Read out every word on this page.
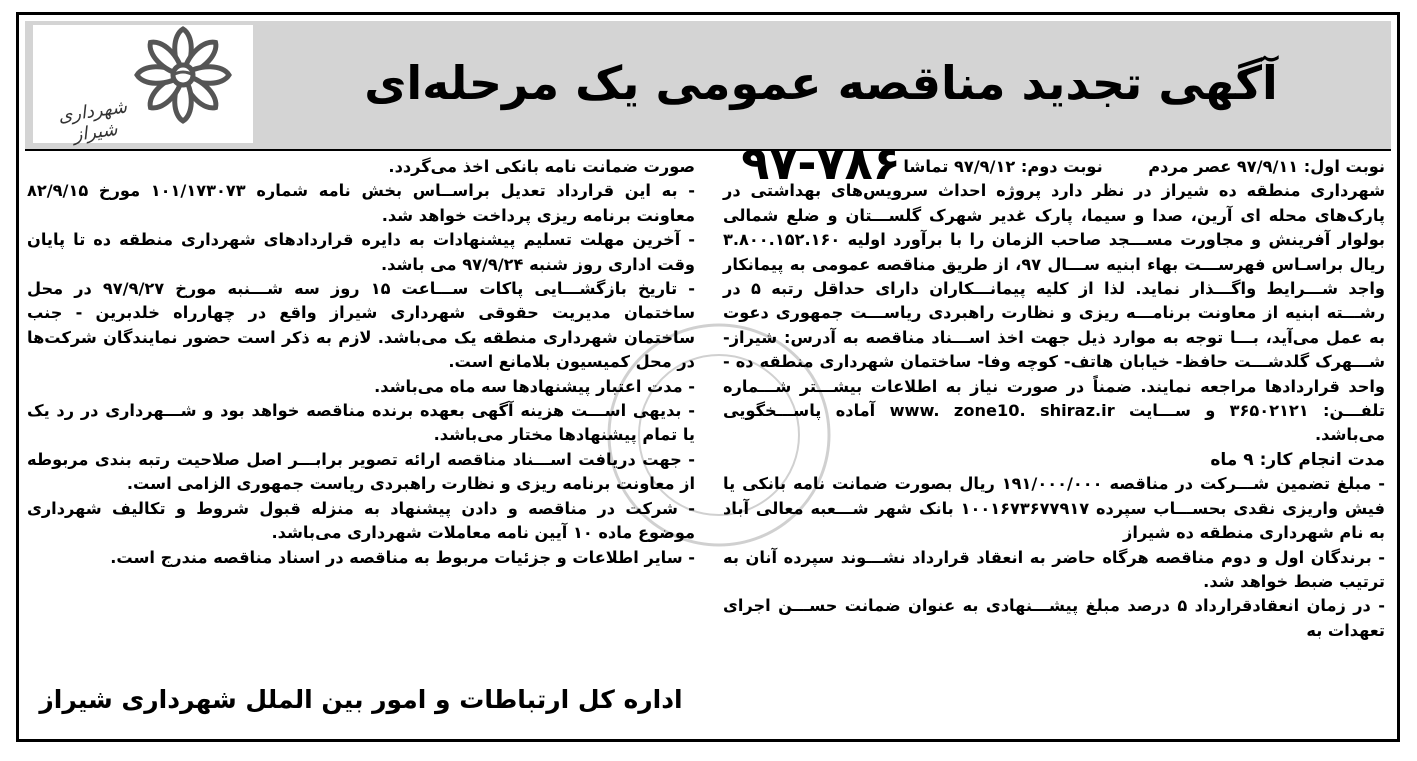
شهرداری شیراز
آگهی تجدید مناقصه عمومی یک مرحله‌ای ۷۸۶-۹۷	نوبت اول: ۹۷/۹/۱۱ عصر مردم نوبت دوم: ۹۷/۹/۱۲ تماشا

شهرداری منطقه ده شیراز در نظر دارد پروژه احداث سرویس‌های بهداشتی در پارک‌های محله ای آرین، صدا و سیما، پارک غدیر شهرک گلســـتان و ضلع شمالی بولوار آفرینش و مجاورت مســـجد صاحب الزمان را با برآورد اولیه ۳.۸۰۰.۱۵۲.۱۶۰ ریال براسـاس فهرســـت بهاء ابنیه ســـال ۹۷، از طریق مناقصه عمومی به پیمانکار واجد شـــرایط واگـــذار نماید. لذا از کلیه پیمانـــکاران دارای حداقل رتبه ۵ در رشـــته ابنیه از معاونت برنامـــه ریزی و نظارت راهبردی ریاســـت جمهوری دعوت به عمل می‌آید، بـــا توجه به موارد ذیل جهت اخذ اســـناد مناقصه به آدرس: شیراز- شـــهرک گلدشـــت حافظ- خیابان هاتف- کوچه وفا- ساختمان شهرداری منطقه ده - واحد قراردادها مراجعه نمایند. ضمناً در صورت نیاز به اطلاعات بیشـــتر شـــماره تلفـــن: ۳۶۵۰۲۱۲۱ و ســـایت www. zone10. shiraz.ir آماده پاســـخگویی می‌باشد.

مدت انجام کار: ۹ ماه

- مبلغ تضمین شـــرکت در مناقصه ۱۹۱/۰۰۰/۰۰۰ ریال بصورت ضمانت نامه بانکی یا فیش واریزی نقدی بحســـاب سپرده ۱۰۰۱۶۷۳۶۷۷۹۱۷ بانک شهر شـــعبه معالی آباد به نام شهرداری منطقه ده شیراز

- برندگان اول و دوم مناقصه هرگاه حاضر به انعقاد قرارداد نشـــوند سپرده آنان به ترتیب ضبط خواهد شد.

- در زمان انعقادقرارداد ۵ درصد مبلغ پیشـــنهادی به عنوان ضمانت حســـن اجرای تعهدات به

صورت ضمانت نامه بانکی اخذ می‌گردد.

- به این قرارداد تعدیل براســاس بخش نامه شماره ۱۰۱/۱۷۳۰۷۳ مورخ ۸۲/۹/۱۵ معاونت برنامه ریزی پرداخت خواهد شد.

- آخرین مهلت تسلیم پیشنهادات به دایره قراردادهای شهرداری منطقه ده تا پایان وقت اداری روز شنبه ۹۷/۹/۲۴ می باشد.

- تاریخ بازگشـــایی پاکات ســـاعت ۱۵ روز سه شـــنبه مورخ ۹۷/۹/۲۷ در محل ساختمان مدیریت حقوقی شهرداری شیراز واقع در چهارراه خلدبرین - جنب ساختمان شهرداری منطقه یک می‌باشد. لازم به ذکر است حضور نمایندگان شرکت‌ها در محل کمیسیون بلامانع است.

- مدت اعتبار پیشنهادها سه ماه می‌باشد.

- بدیهی اســـت هزینه آگهی بعهده برنده مناقصه خواهد بود و شـــهرداری در رد یک یا تمام پیشنهادها مختار می‌باشد.

- جهت دریافت اســـناد مناقصه ارائه تصویر برابـــر اصل صلاحیت رتبه بندی مربوطه از معاونت برنامه ریزی و نظارت راهبردی ریاست جمهوری الزامی است.

- شرکت در مناقصه و دادن پیشنهاد به منزله قبول شروط و تکالیف شهرداری موضوع ماده ۱۰ آیین نامه معاملات شهرداری می‌باشد.

- سایر اطلاعات و جزئیات مربوط به مناقصه در اسناد مناقصه مندرج است.

اداره کل ارتباطات و امور بین الملل شهرداری شیراز
